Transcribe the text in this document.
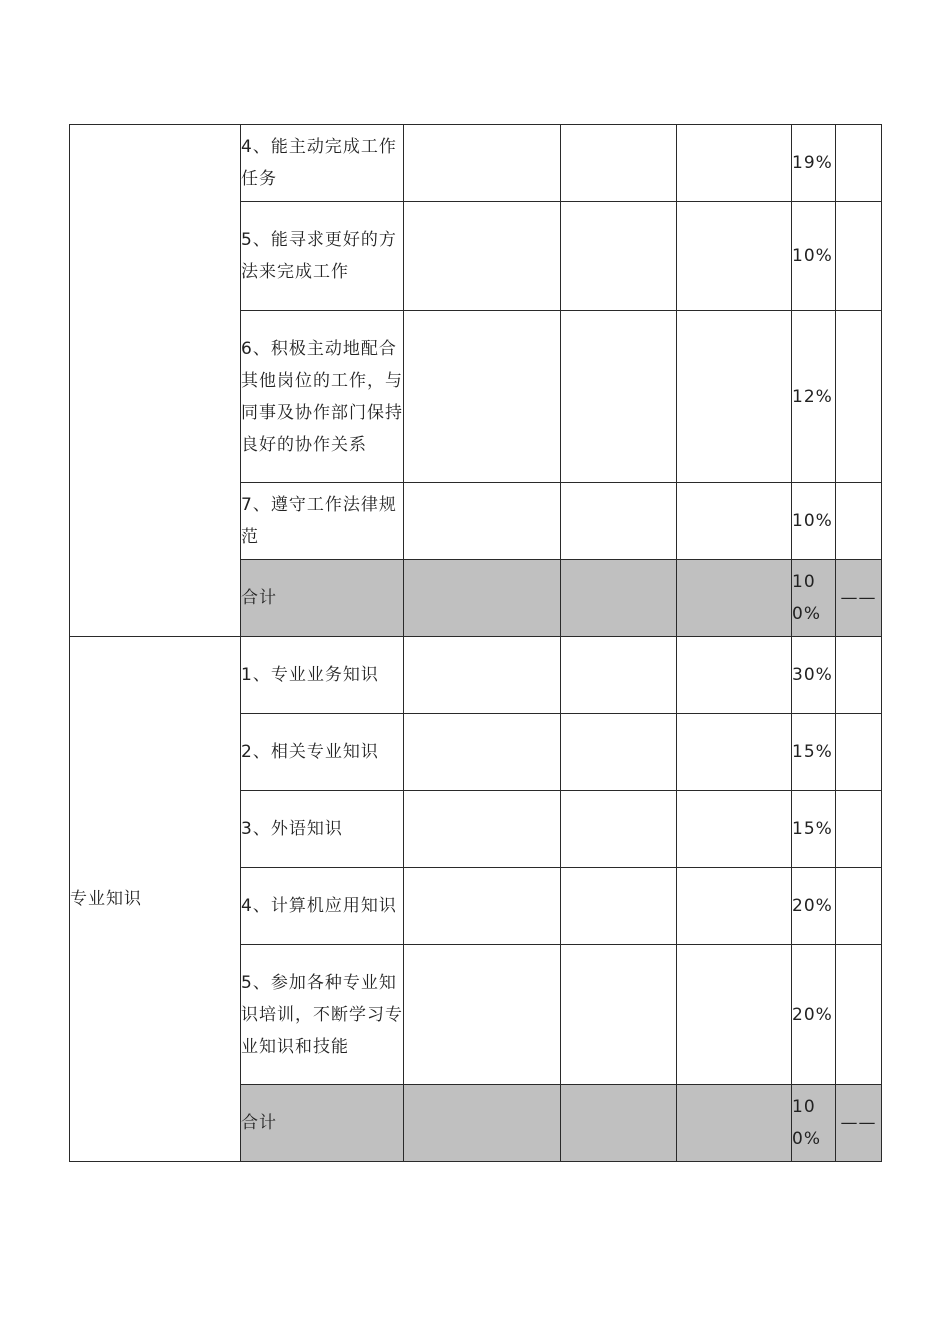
	4、能主动完成工作任务				19%	
	5、能寻求更好的方法来完成工作				10%	
	6、积极主动地配合其他岗位的工作，与同事及协作部门保持良好的协作关系				12%	
	7、遵守工作法律规范				10%	
	合计				100%	——
专业知识	1、专业业务知识				30%	
	2、相关专业知识				15%	
	3、外语知识				15%	
	4、计算机应用知识				20%	
	5、参加各种专业知识培训，不断学习专业知识和技能				20%	
	合计				100%	——
